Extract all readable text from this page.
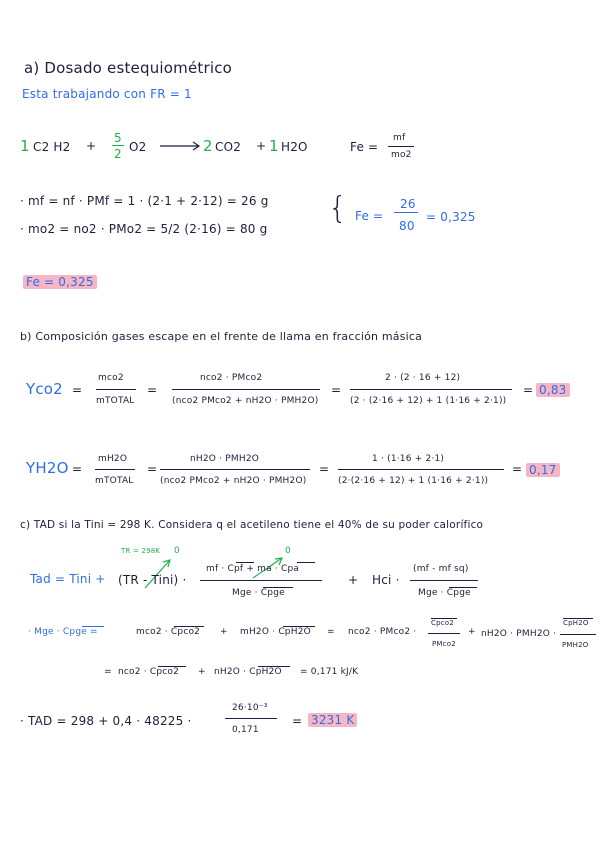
a) Dosado estequiométrico
Esta trabajando con FR = 1
1 C2 H2 +
5
2 O2	2 CO2 + 1 H2O	Fe =
mf
mo2
· mf = nf · PMf = 1 · (2·1 + 2·12) = 26 g
· mo2 = no2 · PMo2 = 5/2 (2·16) = 80 g
{ Fe =
26
80
= 0,325
Fe = 0,325
b) Composición gases escape en el frente de llama en fracción másica
Yco2 =
mco2
mTOTAL
=
nco2 · PMco2
(nco2 PMco2 + nH2O · PMH2O)
=
2 · (2 · 16 + 12)
(2 · (2·16 + 12) + 1 (1·16 + 2·1))
= 0,83
YH2O =
mH2O
mTOTAL
=
nH2O · PMH2O
(nco2 PMco2 + nH2O · PMH2O)
=
1 · (1·16 + 2·1)
(2·(2·16 + 12) + 1 (1·16 + 2·1))
= 0,17
c) TAD si la Tini = 298 K. Considera q el acetileno tiene el 40% de su poder calorífico
TR = 298K 0	0
Tad = Tini + (TR - Tini) ·
mf · Cpf + ma · Cpa
Mge · Cpge
+ Hci ·
(mf - mf sq)
Mge · Cpge
· Mge · Cpge =	mco2 · Cpco2 + mH2O · CpH2O = nco2 · PMco2 ·
Cpco2
PMco2
+ nH2O · PMH2O ·
CpH2O
PMH2O
= nco2 · Cpco2 + nH2O · CpH2O = 0,171 kJ/K
· TAD = 298 + 0,4 · 48225 ·
26·10⁻³
0,171
= 3231 K
